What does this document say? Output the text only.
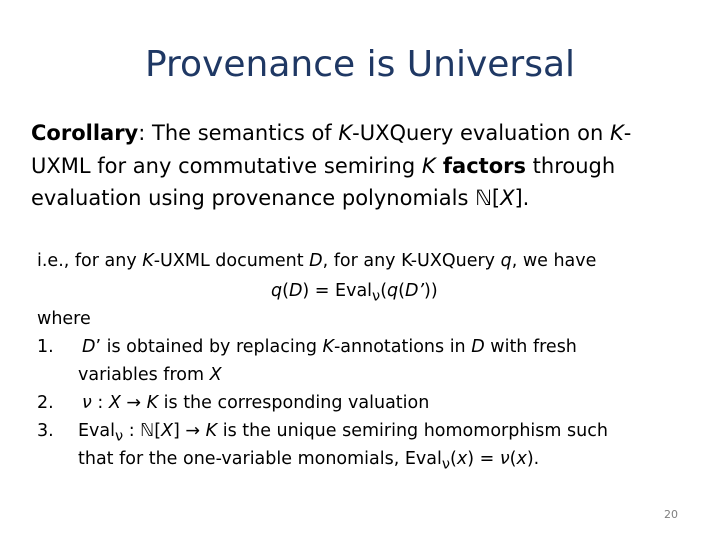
Provenance is Universal
Corollary: The semantics of K-UXQuery evaluation on K-
UXML for any commutative semiring K factors through
evaluation using provenance polynomials ℕ[X].
i.e., for any K-UXML document D, for any K-UXQuery q, we have
q(D) = Eval$_\nu$(q(D’))
where
1. D’ is obtained by replacing K-annotations in D with fresh
variables from X
2. ν : X → K is the corresponding valuation
3. Eval$_\nu$ : ℕ[X] → K is the unique semiring homomorphism such
that for the one-variable monomials, Eval$_\nu$(x) = ν(x).
20
